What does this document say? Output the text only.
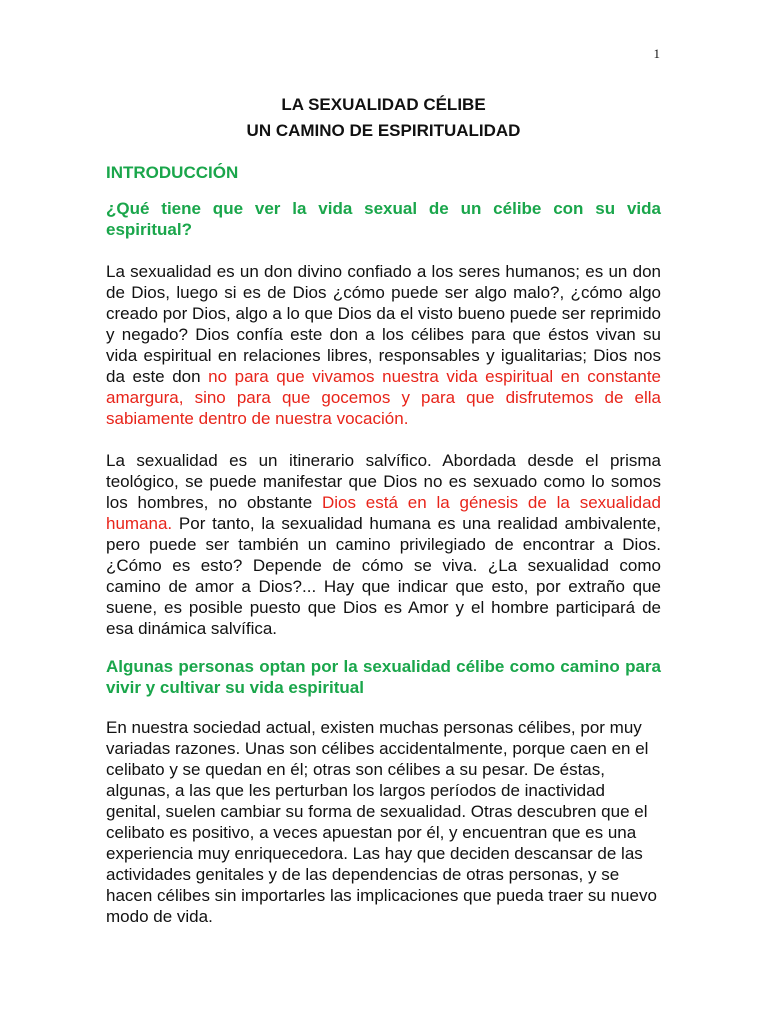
1
LA SEXUALIDAD CÉLIBE
UN CAMINO DE ESPIRITUALIDAD

INTRODUCCIÓN

¿Qué tiene que ver la vida sexual de un célibe con su vida espiritual?

La sexualidad es un don divino confiado a los seres humanos; es un don de Dios, luego si es de Dios ¿cómo puede ser algo malo?, ¿cómo algo creado por Dios, algo a lo que Dios da el visto bueno puede ser reprimido y negado? Dios confía este don a los célibes para que éstos vivan su vida espiritual en relaciones libres, responsables y igualitarias; Dios nos da este don no para que vivamos nuestra vida espiritual en constante amargura, sino para que gocemos y para que disfrutemos de ella sabiamente dentro de nuestra vocación.

La sexualidad es un itinerario salvífico. Abordada desde el prisma teológico, se puede manifestar que Dios no es sexuado como lo somos los hombres, no obstante Dios está en la génesis de la sexualidad humana. Por tanto, la sexualidad humana es una realidad ambivalente, pero puede ser también un camino privilegiado de encontrar a Dios. ¿Cómo es esto? Depende de cómo se viva. ¿La sexualidad como camino de amor a Dios?... Hay que indicar que esto, por extraño que suene, es posible puesto que Dios es Amor y el hombre participará de esa dinámica salvífica.

Algunas personas optan por la sexualidad célibe como camino para vivir y cultivar su vida espiritual

En nuestra sociedad actual, existen muchas personas célibes, por muy variadas razones. Unas son célibes accidentalmente, porque caen en el celibato y se quedan en él; otras son célibes a su pesar. De éstas, algunas, a las que les perturban los largos períodos de inactividad genital, suelen cambiar su forma de sexualidad. Otras descubren que el celibato es positivo, a veces apuestan por él, y encuentran que es una experiencia muy enriquecedora. Las hay que deciden descansar de las actividades genitales y de las dependencias de otras personas, y se hacen célibes sin importarles las implicaciones que pueda traer su nuevo modo de vida.
